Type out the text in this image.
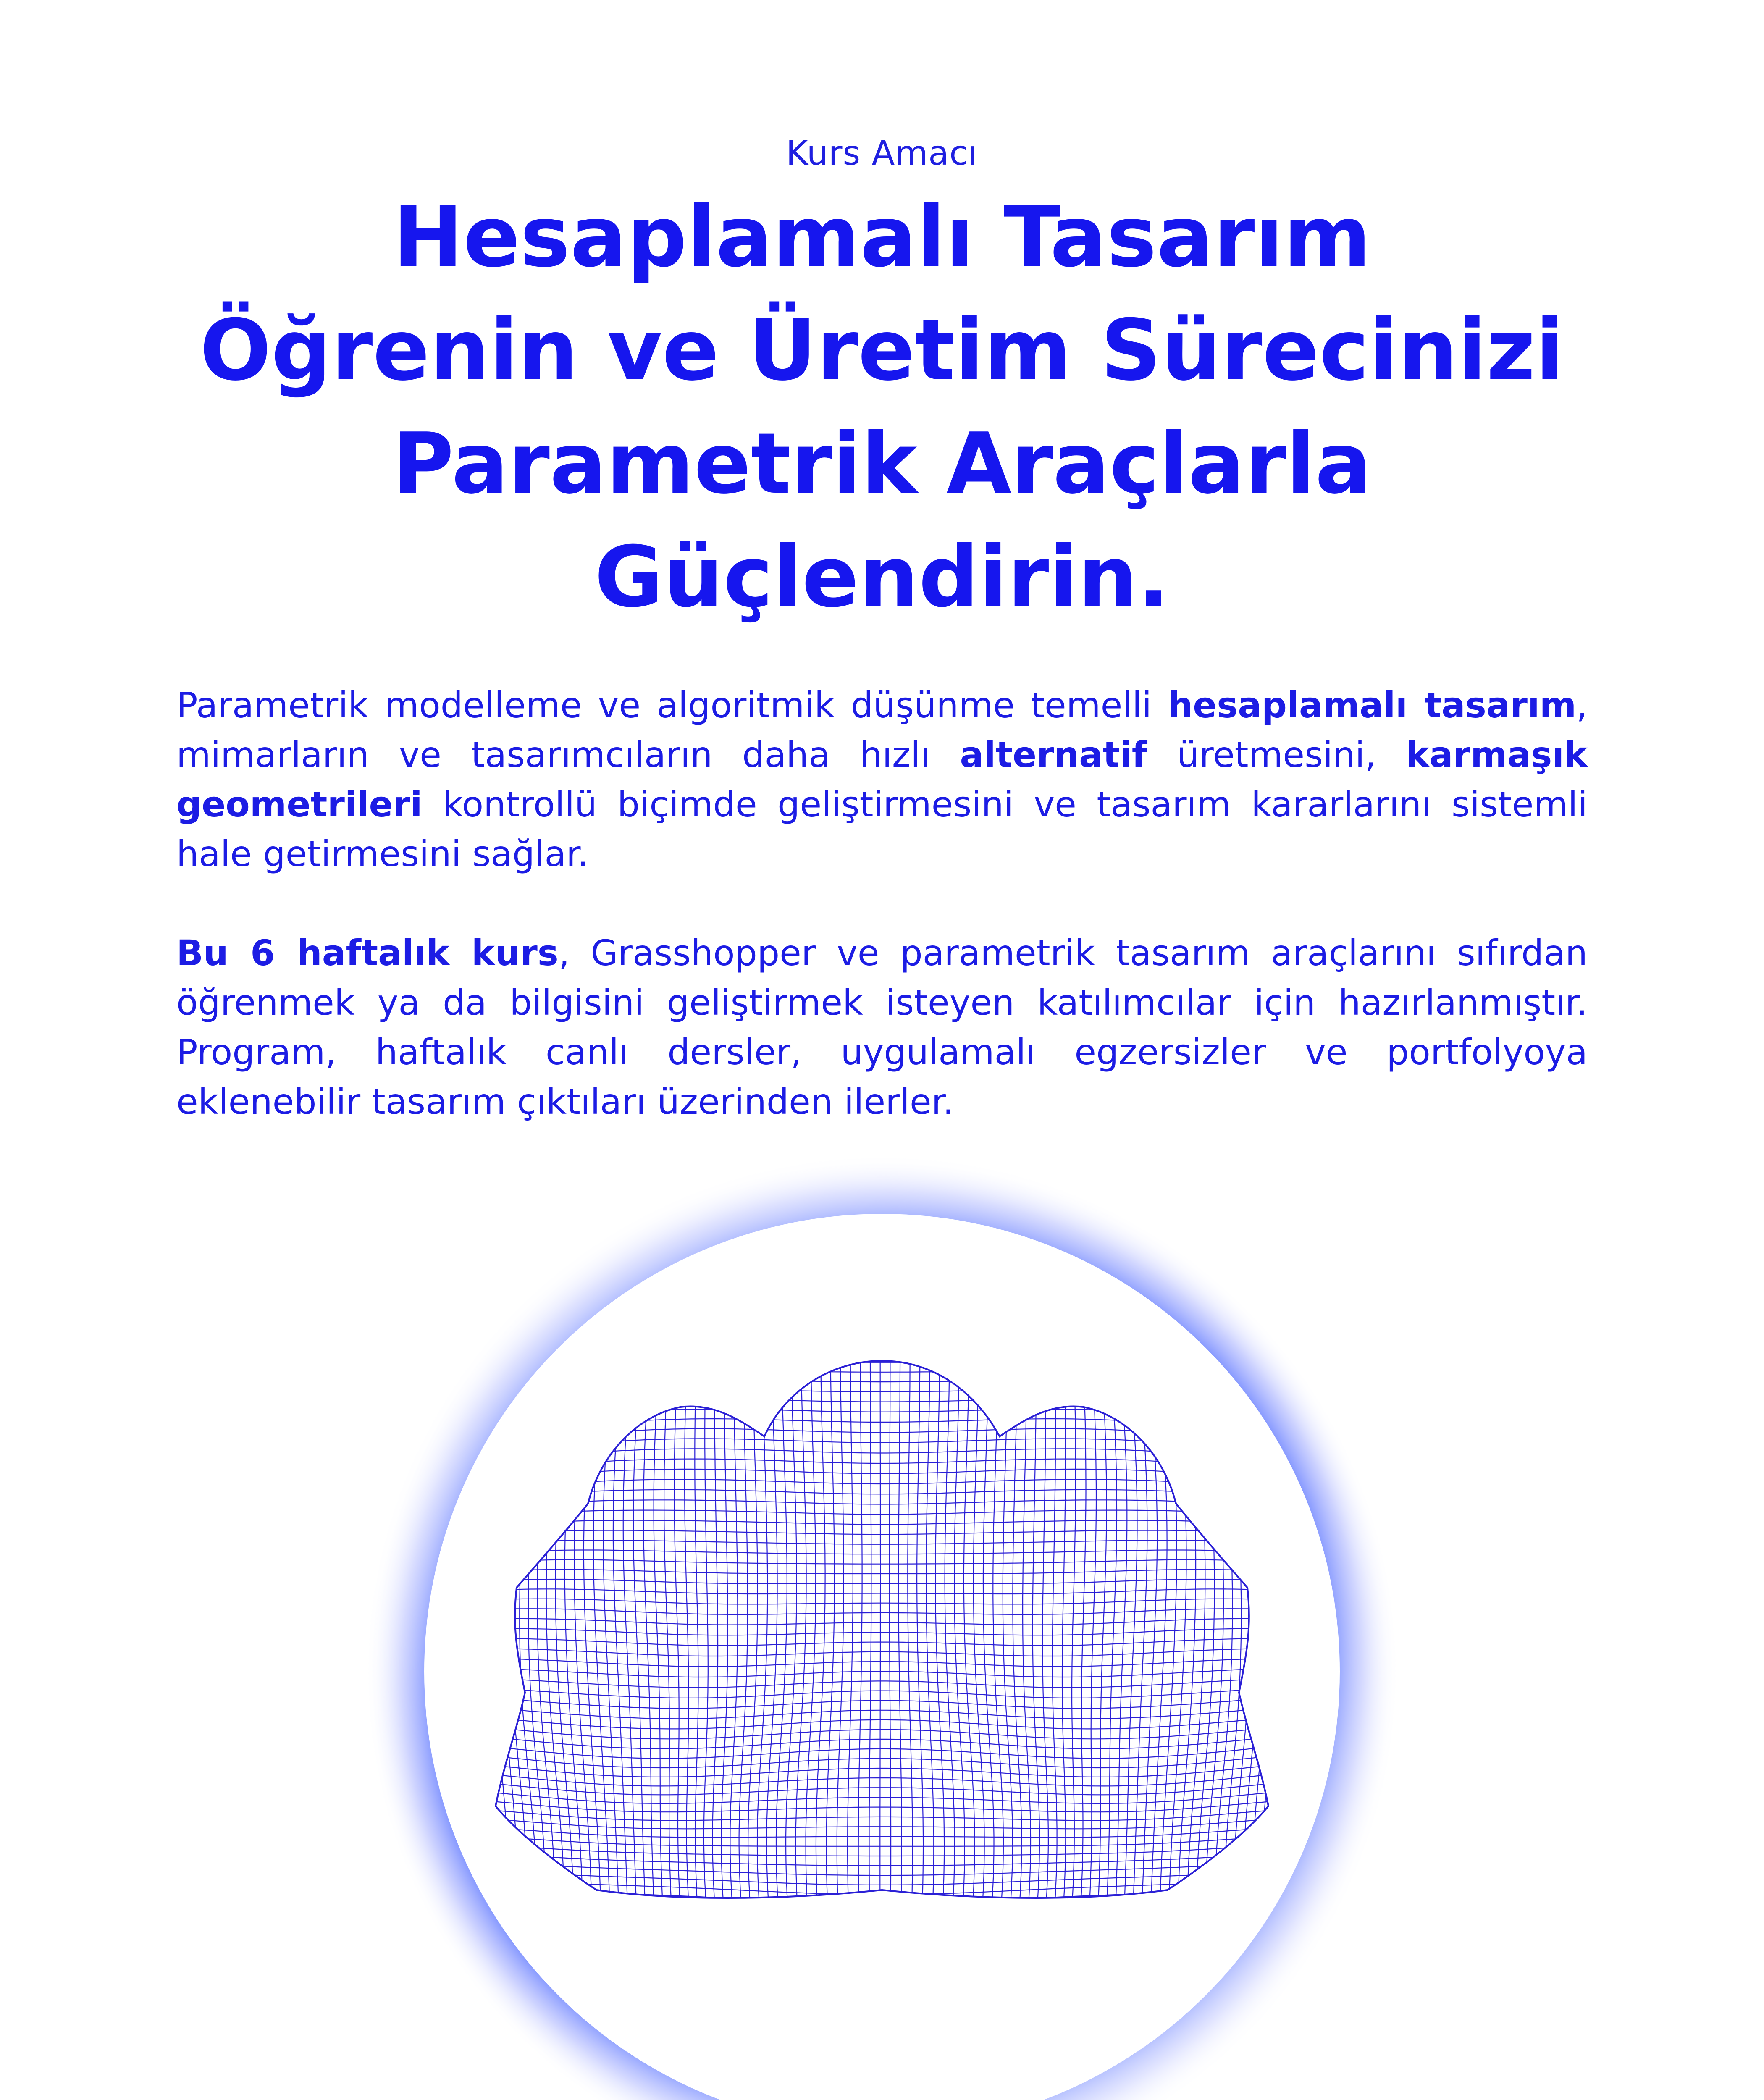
Kurs Amacı
Hesaplamalı Tasarım
Öğrenin ve Üretim Sürecinizi
Parametrik Araçlarla
Güçlendirin.

Parametrik modelleme ve algoritmik düşünme temelli hesaplamalı tasarım, mimarların ve tasarımcıların daha hızlı alternatif üretmesini, karmaşık geometrileri kontrollü biçimde geliştirmesini ve tasarım kararlarını sistemli hale getirmesini sağlar.

Bu 6 haftalık kurs, Grasshopper ve parametrik tasarım araçlarını sıfırdan öğrenmek ya da bilgisini geliştirmek isteyen katılımcılar için hazırlanmıştır. Program, haftalık canlı dersler, uygulamalı egzersizler ve portfolyoya eklenebilir tasarım çıktıları üzerinden ilerler.
